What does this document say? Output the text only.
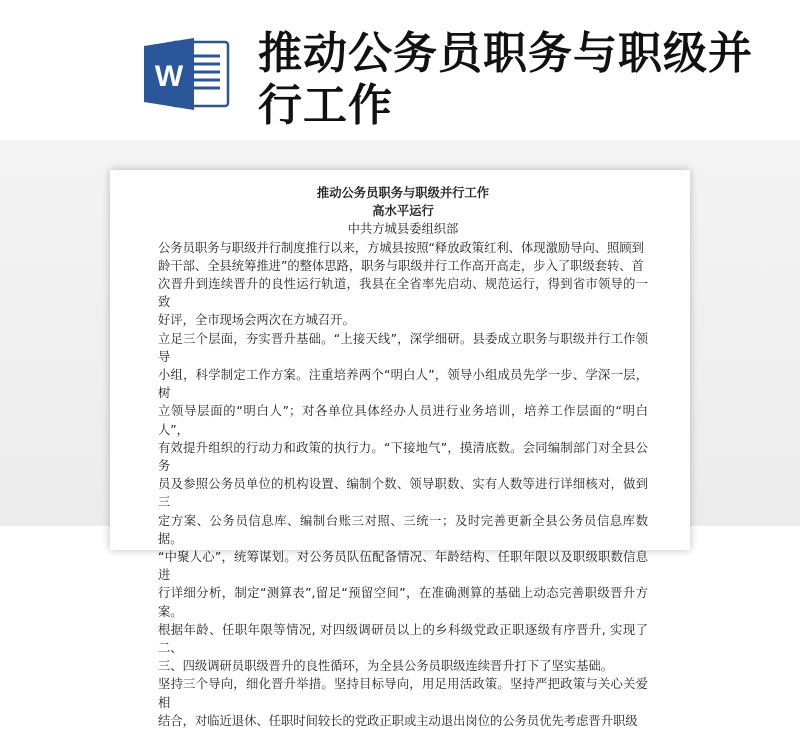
W 推动公务员职务与职级并行工作
推动公务员职务与职级并行工作
高水平运行
中共方城县委组织部

公务员职务与职级并行制度推行以来，方城县按照“释放政策红利、体现激励导向、照顾到
龄干部、全县统筹推进”的整体思路，职务与职级并行工作高开高走，步入了职级套转、首
次晋升到连续晋升的良性运行轨道，我县在全省率先启动、规范运行，得到省市领导的一致
好评，全市现场会两次在方城召开。

立足三个层面，夯实晋升基础。“上接天线”，深学细研。县委成立职务与职级并行工作领导
小组，科学制定工作方案。注重培养两个“明白人”，领导小组成员先学一步、学深一层，树
立领导层面的“明白人”；对各单位具体经办人员进行业务培训，培养工作层面的“明白人”，
有效提升组织的行动力和政策的执行力。“下接地气”，摸清底数。会同编制部门对全县公务
员及参照公务员单位的机构设置、编制个数、领导职数、实有人数等进行详细核对，做到三
定方案、公务员信息库、编制台账三对照、三统一；及时完善更新全县公务员信息库数据。
“中聚人心”，统筹谋划。对公务员队伍配备情况、年龄结构、任职年限以及职级职数信息进
行详细分析，制定“测算表”,留足“预留空间”，在准确测算的基础上动态完善职级晋升方案。
根据年龄、任职年限等情况, 对四级调研员以上的乡科级党政正职逐级有序晋升, 实现了二、
三、四级调研员职级晋升的良性循环，为全县公务员职级连续晋升打下了坚实基础。

坚持三个导向，细化晋升举措。坚持目标导向，用足用活政策。坚持严把政策与关心关爱相
结合，对临近退休、任职时间较长的党政正职或主动退出岗位的公务员优先考虑晋升职级
